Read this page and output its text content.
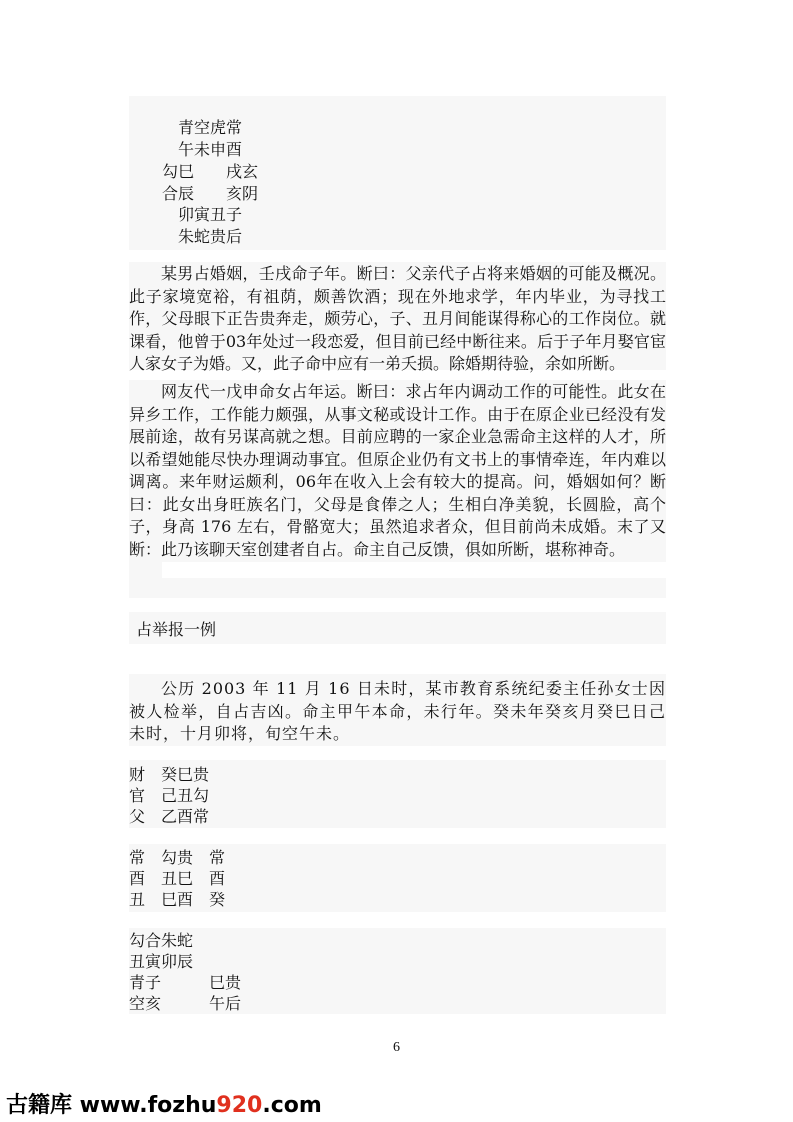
青空虎常
午未申酉
勾巳　　戌玄
合辰　　亥阴
卯寅丑子
朱蛇贵后
某男占婚姻，壬戌命子年。断曰：父亲代子占将来婚姻的可能及概况。此子家境宽裕，有祖荫，颇善饮酒；现在外地求学，年内毕业，为寻找工作，父母眼下正告贵奔走，颇劳心，子、丑月间能谋得称心的工作岗位。就课看，他曾于03年处过一段恋爱，但目前已经中断往来。后于子年月娶官宦人家女子为婚。又，此子命中应有一弟夭损。除婚期待验，余如所断。
网友代一戊申命女占年运。断曰：求占年内调动工作的可能性。此女在异乡工作，工作能力颇强，从事文秘或设计工作。由于在原企业已经没有发展前途，故有另谋高就之想。目前应聘的一家企业急需命主这样的人才，所以希望她能尽快办理调动事宜。但原企业仍有文书上的事情牵连，年内难以调离。来年财运颇利，06年在收入上会有较大的提高。问，婚姻如何？断曰：此女出身旺族名门，父母是食俸之人；生相白净美貌，长圆脸，高个子，身高 176 左右，骨骼宽大；虽然追求者众，但目前尚未成婚。末了又断：此乃该聊天室创建者自占。命主自己反馈，俱如所断，堪称神奇。
占举报一例
公历 2003 年 11 月 16 日未时，某市教育系统纪委主任孙女士因被人检举，自占吉凶。命主甲午本命，未行年。癸未年癸亥月癸巳日己未时，十月卯将，旬空午未。
财　癸巳贵
官　己丑勾
父　乙酉常
常　勾贵　常
酉　丑巳　酉
丑　巳酉　癸
勾合朱蛇
丑寅卯辰
青子　　　巳贵
空亥　　　午后
6
古籍库 www.fozhu920.com
